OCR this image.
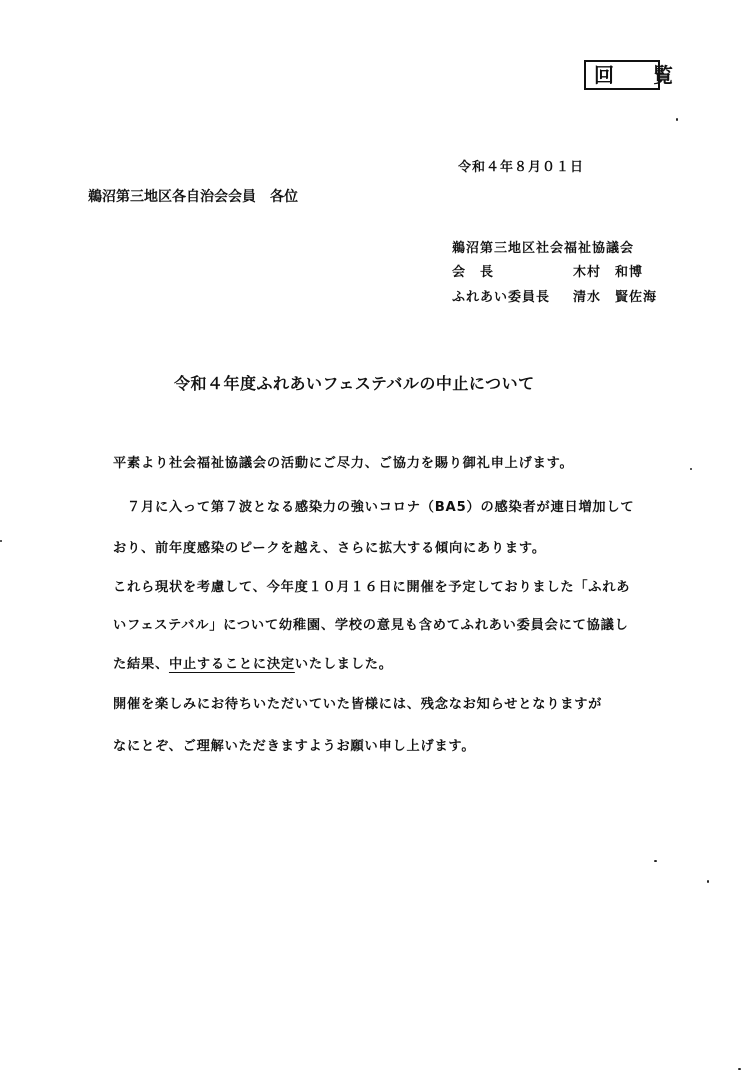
回 覧
令和４年８月０１日
鵜沼第三地区各自治会会員　各位
鵜沼第三地区社会福祉協議会
会　長	木村　和博
ふれあい委員長 清水　賢佐海
令和４年度ふれあいフェステバルの中止について
平素より社会福祉協議会の活動にご尽力、ご協力を賜り御礼申上げます。
　７月に入って第７波となる感染力の強いコロナ（BA5）の感染者が連日増加して
おり、前年度感染のピークを越え、さらに拡大する傾向にあります。
これら現状を考慮して、今年度１０月１６日に開催を予定しておりました「ふれあ
いフェステバル」について幼稚園、学校の意見も含めてふれあい委員会にて協議し
た結果、中止することに決定いたしました。
開催を楽しみにお待ちいただいていた皆様には、残念なお知らせとなりますが
なにとぞ、ご理解いただきますようお願い申し上げます。
